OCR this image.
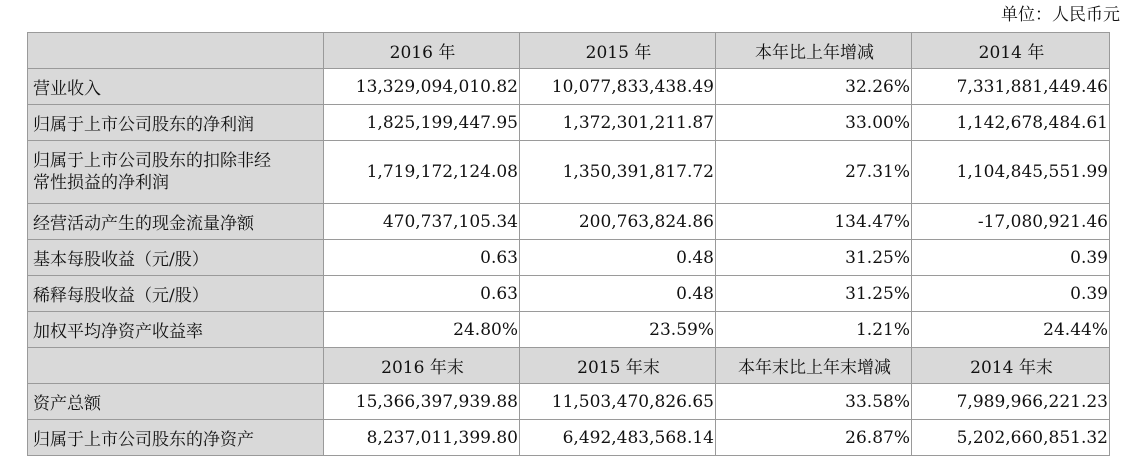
单位：人民币元
	2016 年	2015 年	本年比上年增减	2014 年
营业收入	13,329,094,010.82	10,077,833,438.49	32.26%	7,331,881,449.46
归属于上市公司股东的净利润	1,825,199,447.95	1,372,301,211.87	33.00%	1,142,678,484.61

归属于上市公司股东的扣除非经
常性损益的净利润	1,719,172,124.08	1,350,391,817.72	27.31%	1,104,845,551.99
经营活动产生的现金流量净额	470,737,105.34	200,763,824.86	134.47%	-17,080,921.46
基本每股收益（元/股）	0.63	0.48	31.25%	0.39
稀释每股收益（元/股）	0.63	0.48	31.25%	0.39
加权平均净资产收益率	24.80%	23.59%	1.21%	24.44%
	2016 年末	2015 年末	本年末比上年末增减	2014 年末
资产总额	15,366,397,939.88	11,503,470,826.65	33.58%	7,989,966,221.23
归属于上市公司股东的净资产	8,237,011,399.80	6,492,483,568.14	26.87%	5,202,660,851.32
